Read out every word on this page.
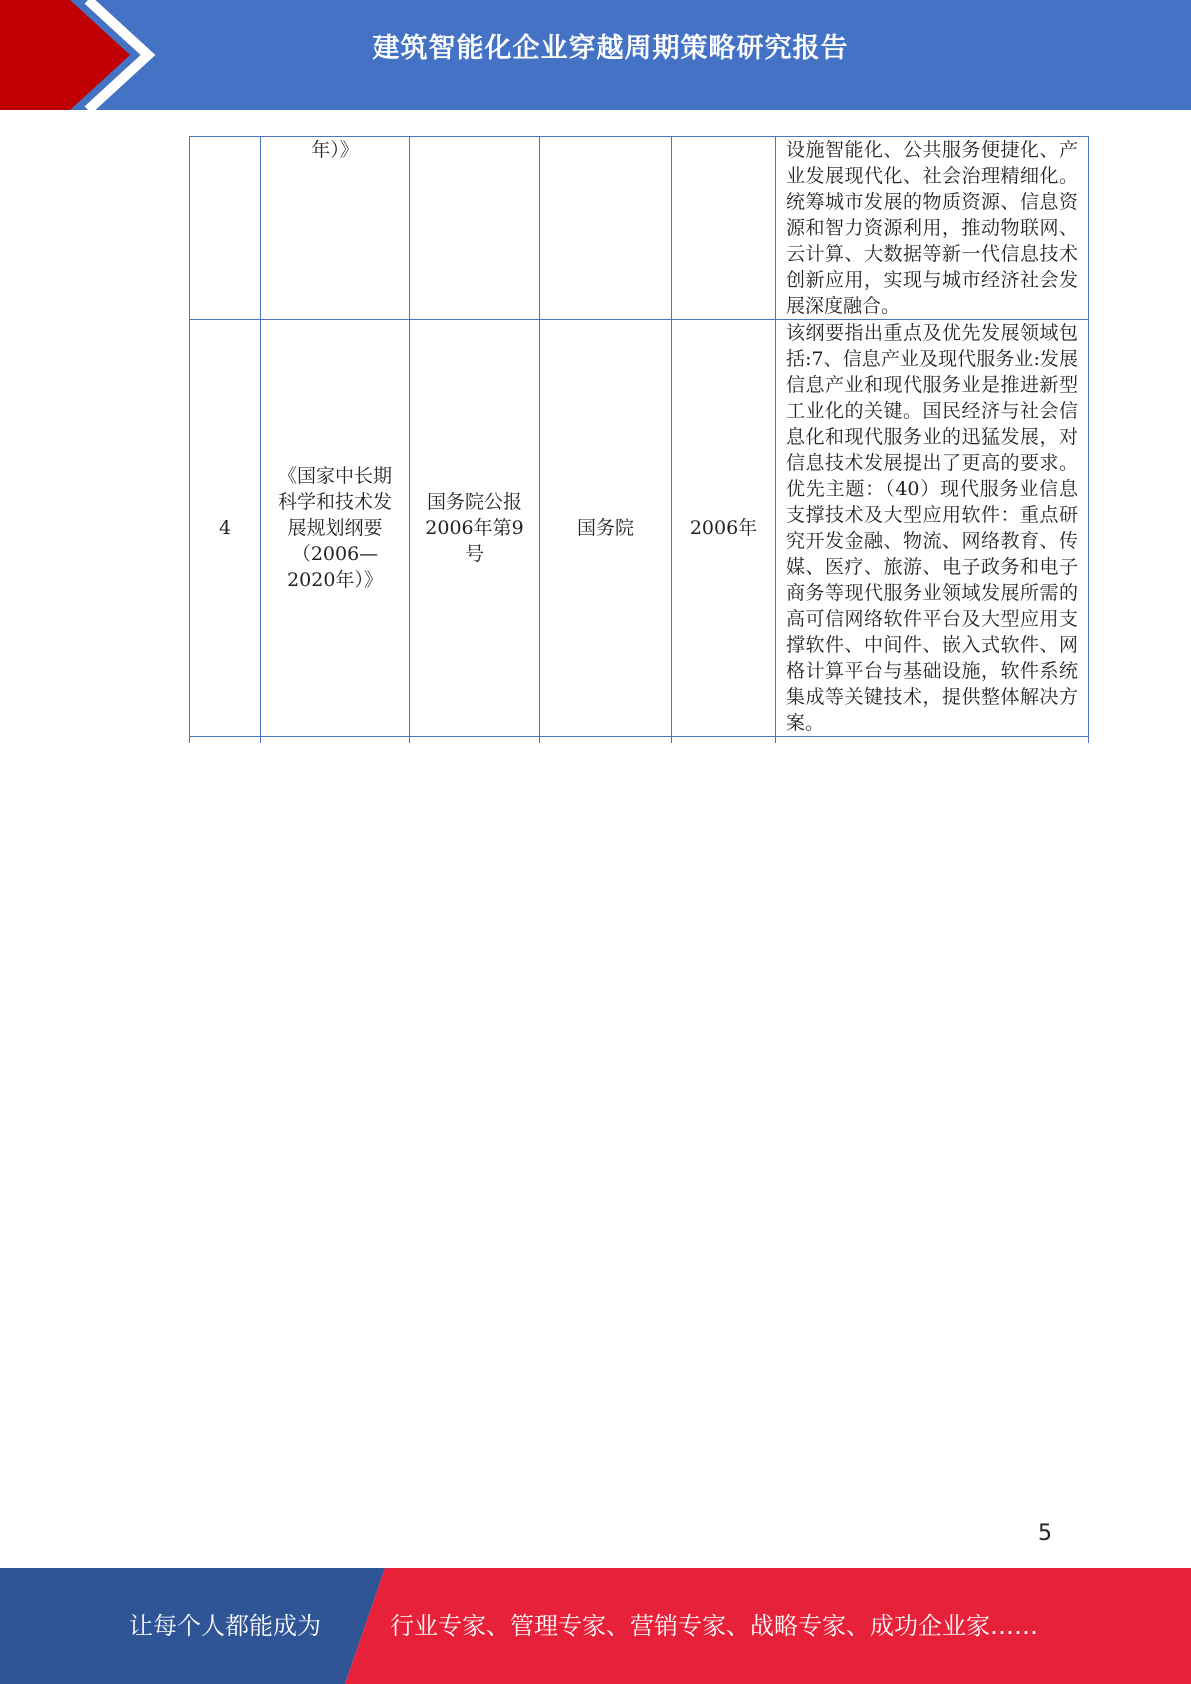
建筑智能化企业穿越周期策略研究报告
	年）》				设施智能化、公共服务便捷化、产业发展现代化、社会治理精细化。统筹城市发展的物质资源、信息资源和智力资源利用，推动物联网、云计算、大数据等新一代信息技术创新应用，实现与城市经济社会发展深度融合。
4	《国家中长期科学和技术发展规划纲要（2006—2020年）》	国务院公报2006年第9号	国务院	2006年	该纲要指出重点及优先发展领域包括:7、信息产业及现代服务业:发展信息产业和现代服务业是推进新型工业化的关键。国民经济与社会信息化和现代服务业的迅猛发展，对信息技术发展提出了更高的要求。优先主题：（40）现代服务业信息支撑技术及大型应用软件：重点研究开发金融、物流、网络教育、传媒、医疗、旅游、电子政务和电子商务等现代服务业领域发展所需的高可信网络软件平台及大型应用支撑软件、中间件、嵌入式软件、网格计算平台与基础设施，软件系统集成等关键技术，提供整体解决方案。

5
让每个人都能成为	行业专家、管理专家、营销专家、战略专家、成功企业家……
